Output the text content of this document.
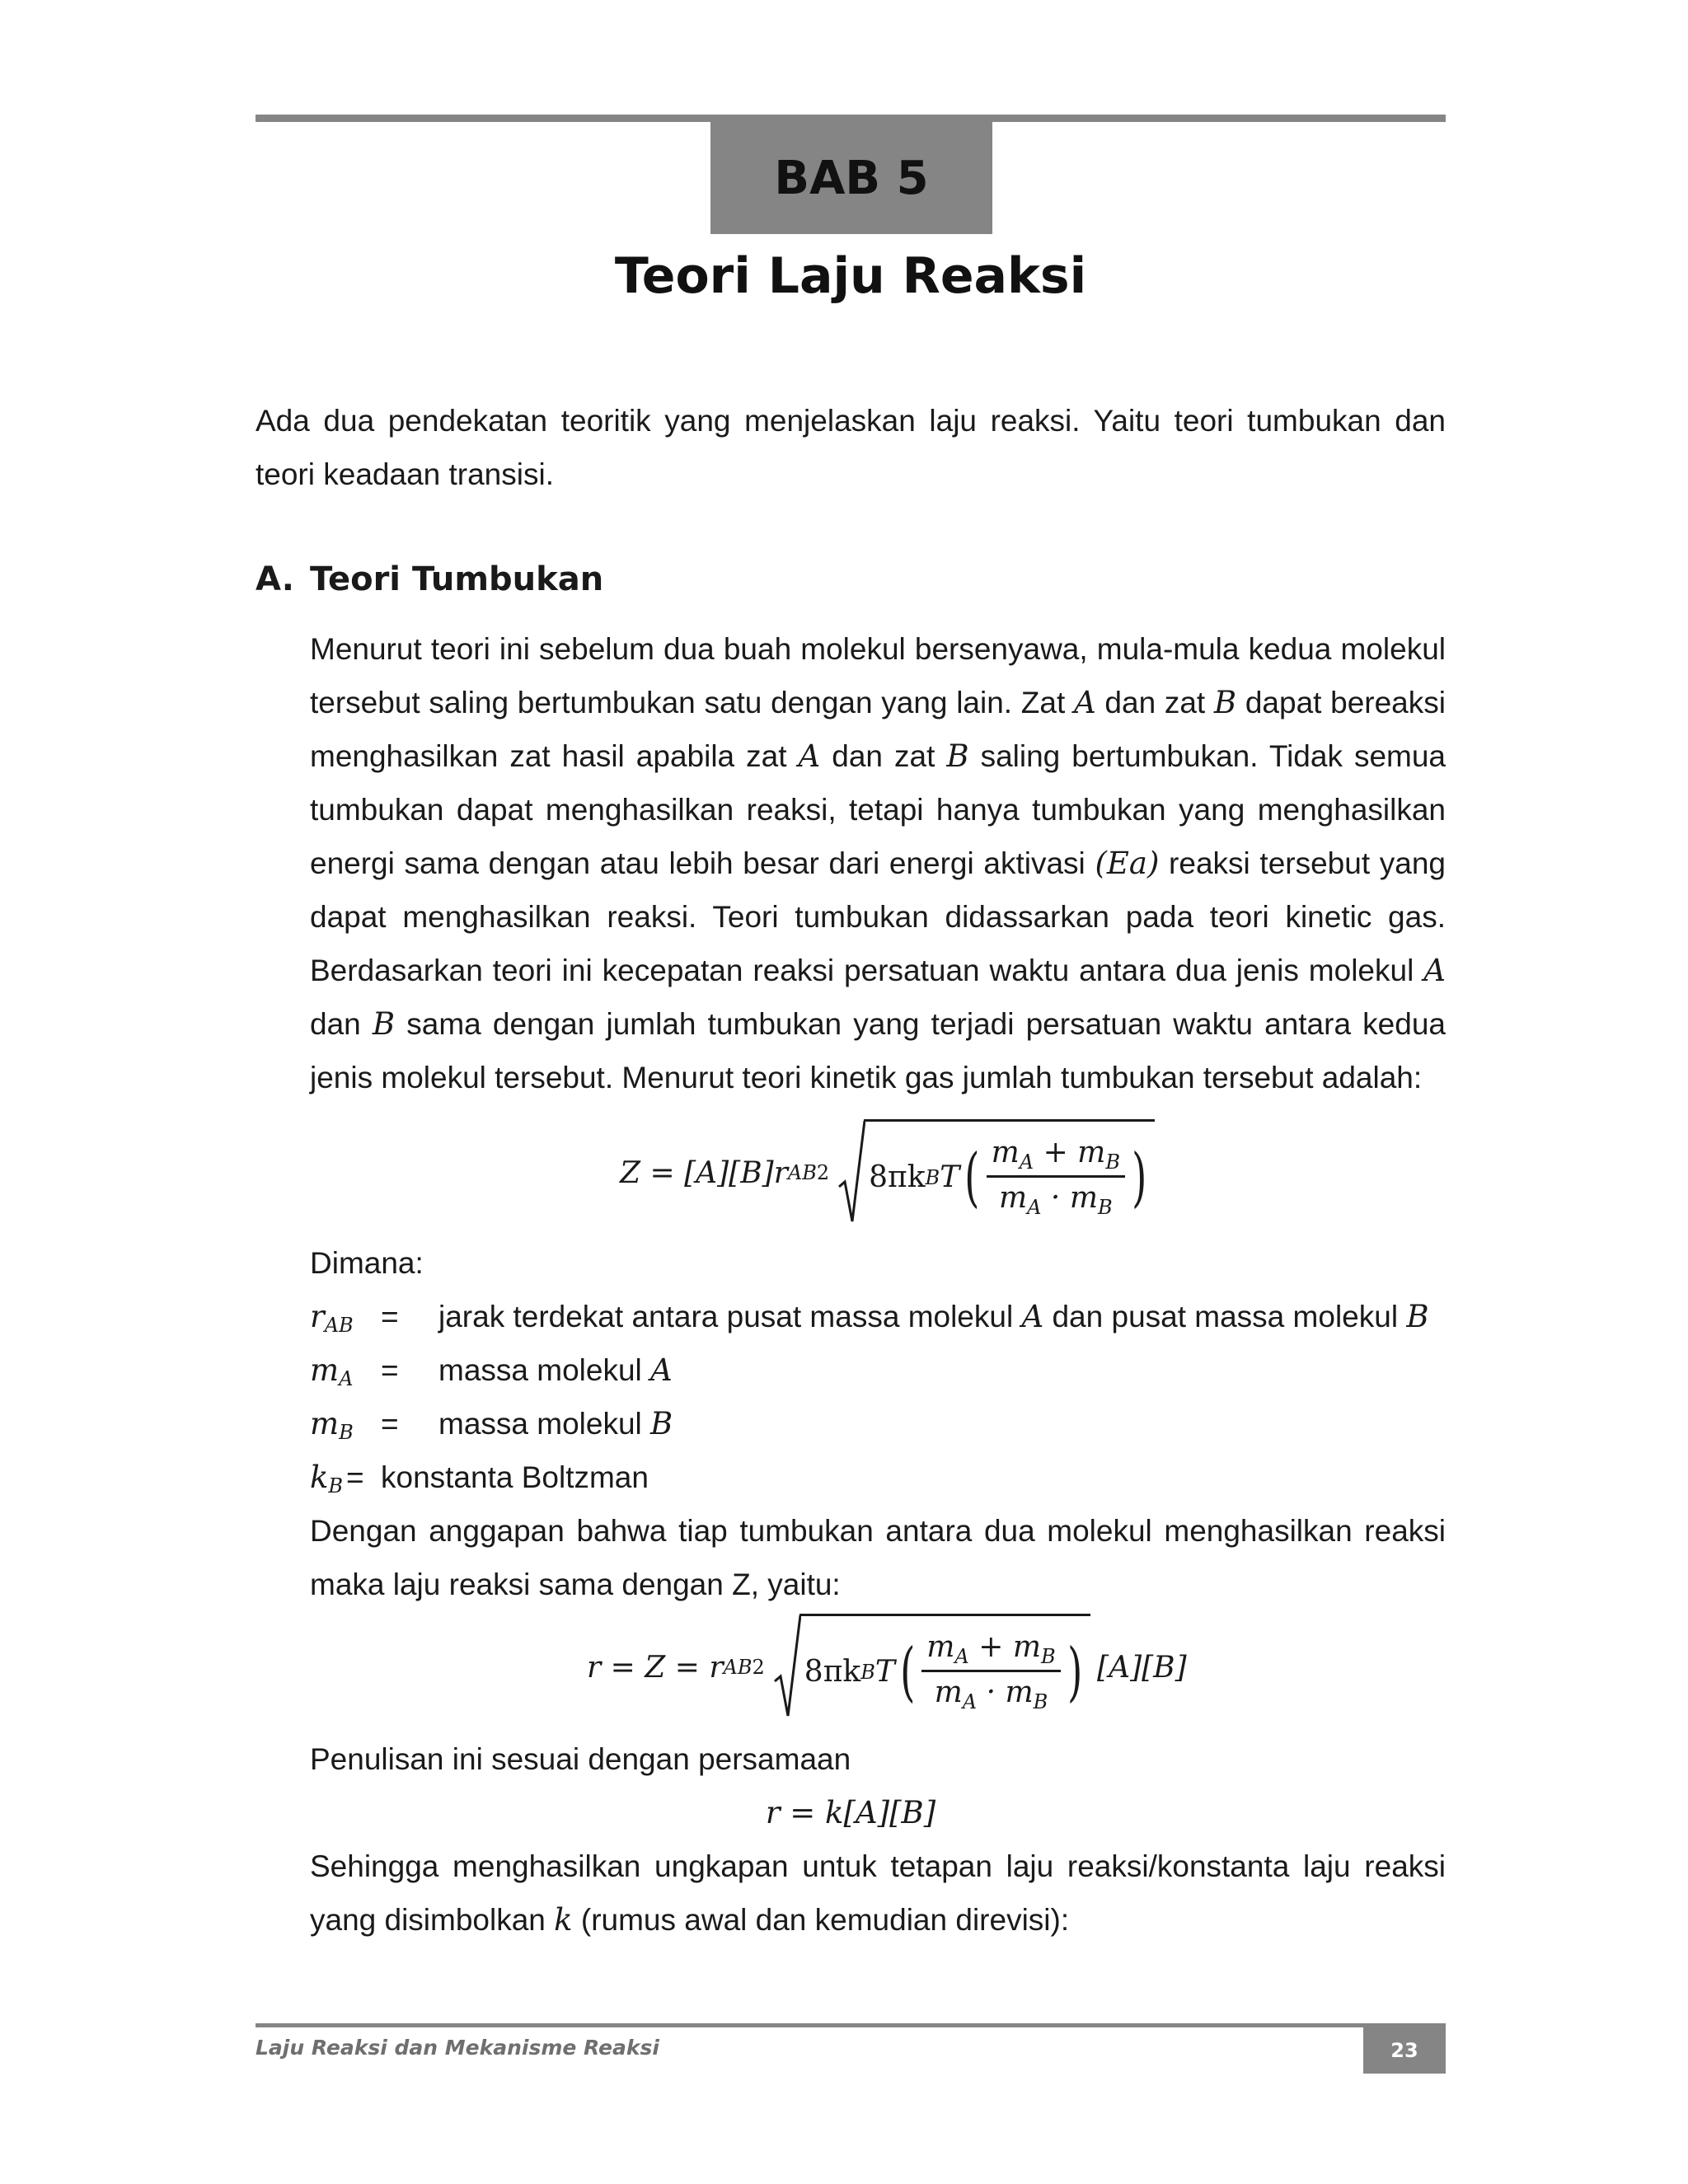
BAB 5
Teori Laju Reaksi
Ada dua pendekatan teoritik yang menjelaskan laju reaksi. Yaitu teori tumbukan dan teori keadaan transisi.
A. Teori Tumbukan
Menurut teori ini sebelum dua buah molekul bersenyawa, mula-mula kedua molekul tersebut saling bertumbukan satu dengan yang lain. Zat A dan zat B dapat bereaksi menghasilkan zat hasil apabila zat A dan zat B saling bertumbukan. Tidak semua tumbukan dapat menghasilkan reaksi, tetapi hanya tumbukan yang menghasilkan energi sama dengan atau lebih besar dari energi aktivasi (Ea) reaksi tersebut yang dapat menghasilkan reaksi. Teori tumbukan didassarkan pada teori kinetic gas. Berdasarkan teori ini kecepatan reaksi persatuan waktu antara dua jenis molekul A dan B sama dengan jumlah tumbukan yang terjadi persatuan waktu antara kedua jenis molekul tersebut. Menurut teori kinetik gas jumlah tumbukan tersebut adalah:
Z = [A][B]r AB 2 8πk B T ( $\frac{m_A + m_B}{m_A \cdot m_B}$ )
Dimana:
$r_{AB}$ = jarak terdekat antara pusat massa molekul A dan pusat massa molekul B
$m_A$ = massa molekul A
$m_B$ = massa molekul B
$k_B$ = konstanta Boltzman
Dengan anggapan bahwa tiap tumbukan antara dua molekul menghasilkan reaksi maka laju reaksi sama dengan Z, yaitu:
r = Z = r AB 2 8πk B T ( $\frac{m_A + m_B}{m_A \cdot m_B}$ ) [A][B]
Penulisan ini sesuai dengan persamaan
r = k[A][B]
Sehingga menghasilkan ungkapan untuk tetapan laju reaksi/konstanta laju reaksi yang disimbolkan k (rumus awal dan kemudian direvisi):
23
Laju Reaksi dan Mekanisme Reaksi
